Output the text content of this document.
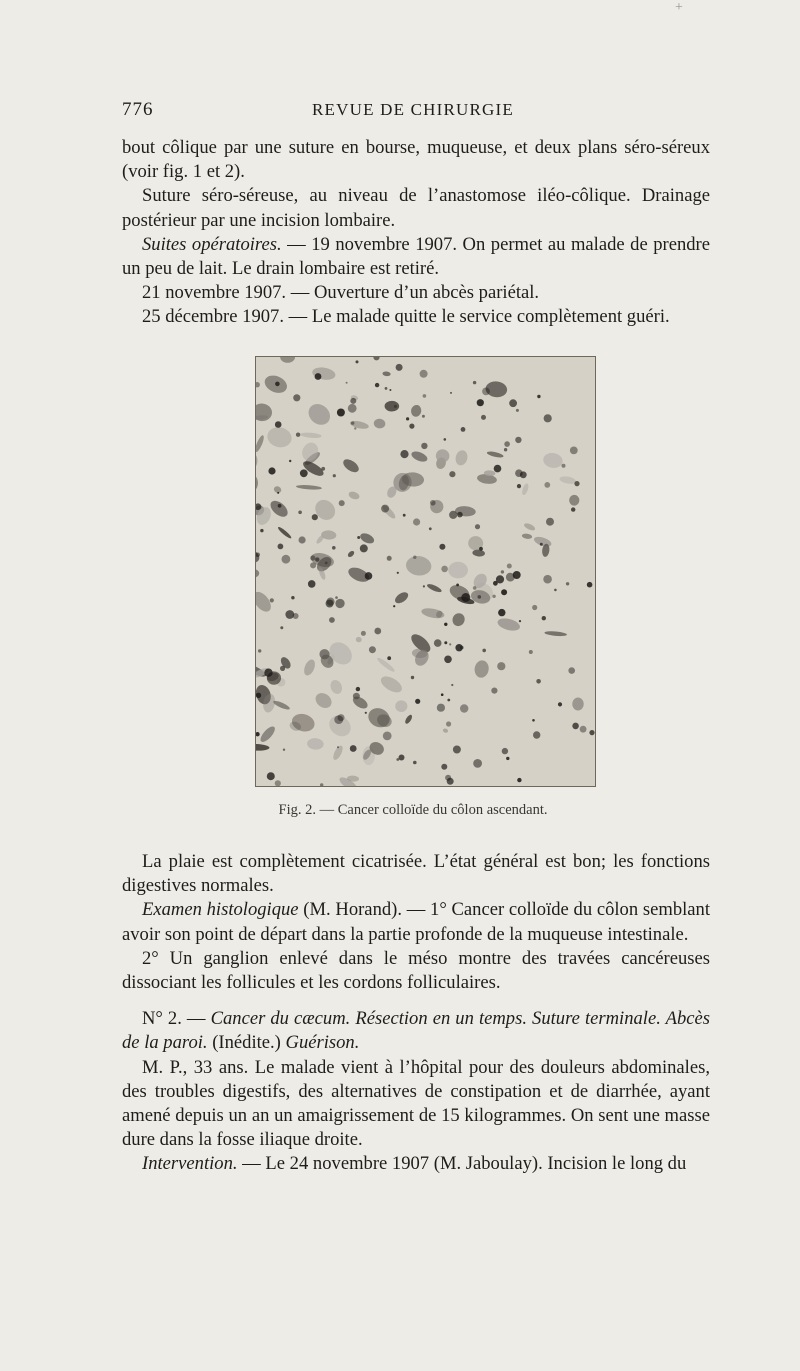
+
776	REVUE DE CHIRURGIE

bout côlique par une suture en bourse, muqueuse, et deux plans séro-séreux (voir fig. 1 et 2).

Suture séro-séreuse, au niveau de l’anastomose iléo-côlique. Drainage postérieur par une incision lombaire.

Suites opératoires. — 19 novembre 1907. On permet au malade de prendre un peu de lait. Le drain lombaire est retiré.

21 novembre 1907. — Ouverture d’un abcès pariétal.

25 décembre 1907. — Le malade quitte le service complètement guéri.

Fig. 2. — Cancer colloïde du côlon ascendant.

La plaie est complètement cicatrisée. L’état général est bon; les fonctions digestives normales.

Examen histologique (M. Horand). — 1° Cancer colloïde du côlon semblant avoir son point de départ dans la partie profonde de la muqueuse intestinale.

2° Un ganglion enlevé dans le méso montre des travées cancéreuses dissociant les follicules et les cordons folliculaires.

N° 2. — Cancer du cæcum. Résection en un temps. Suture terminale. Abcès de la paroi. (Inédite.) Guérison.

M. P., 33 ans. Le malade vient à l’hôpital pour des douleurs abdominales, des troubles digestifs, des alternatives de constipation et de diarrhée, ayant amené depuis un an un amaigrissement de 15 kilogrammes. On sent une masse dure dans la fosse iliaque droite.

Intervention. — Le 24 novembre 1907 (M. Jaboulay). Incision le long du
